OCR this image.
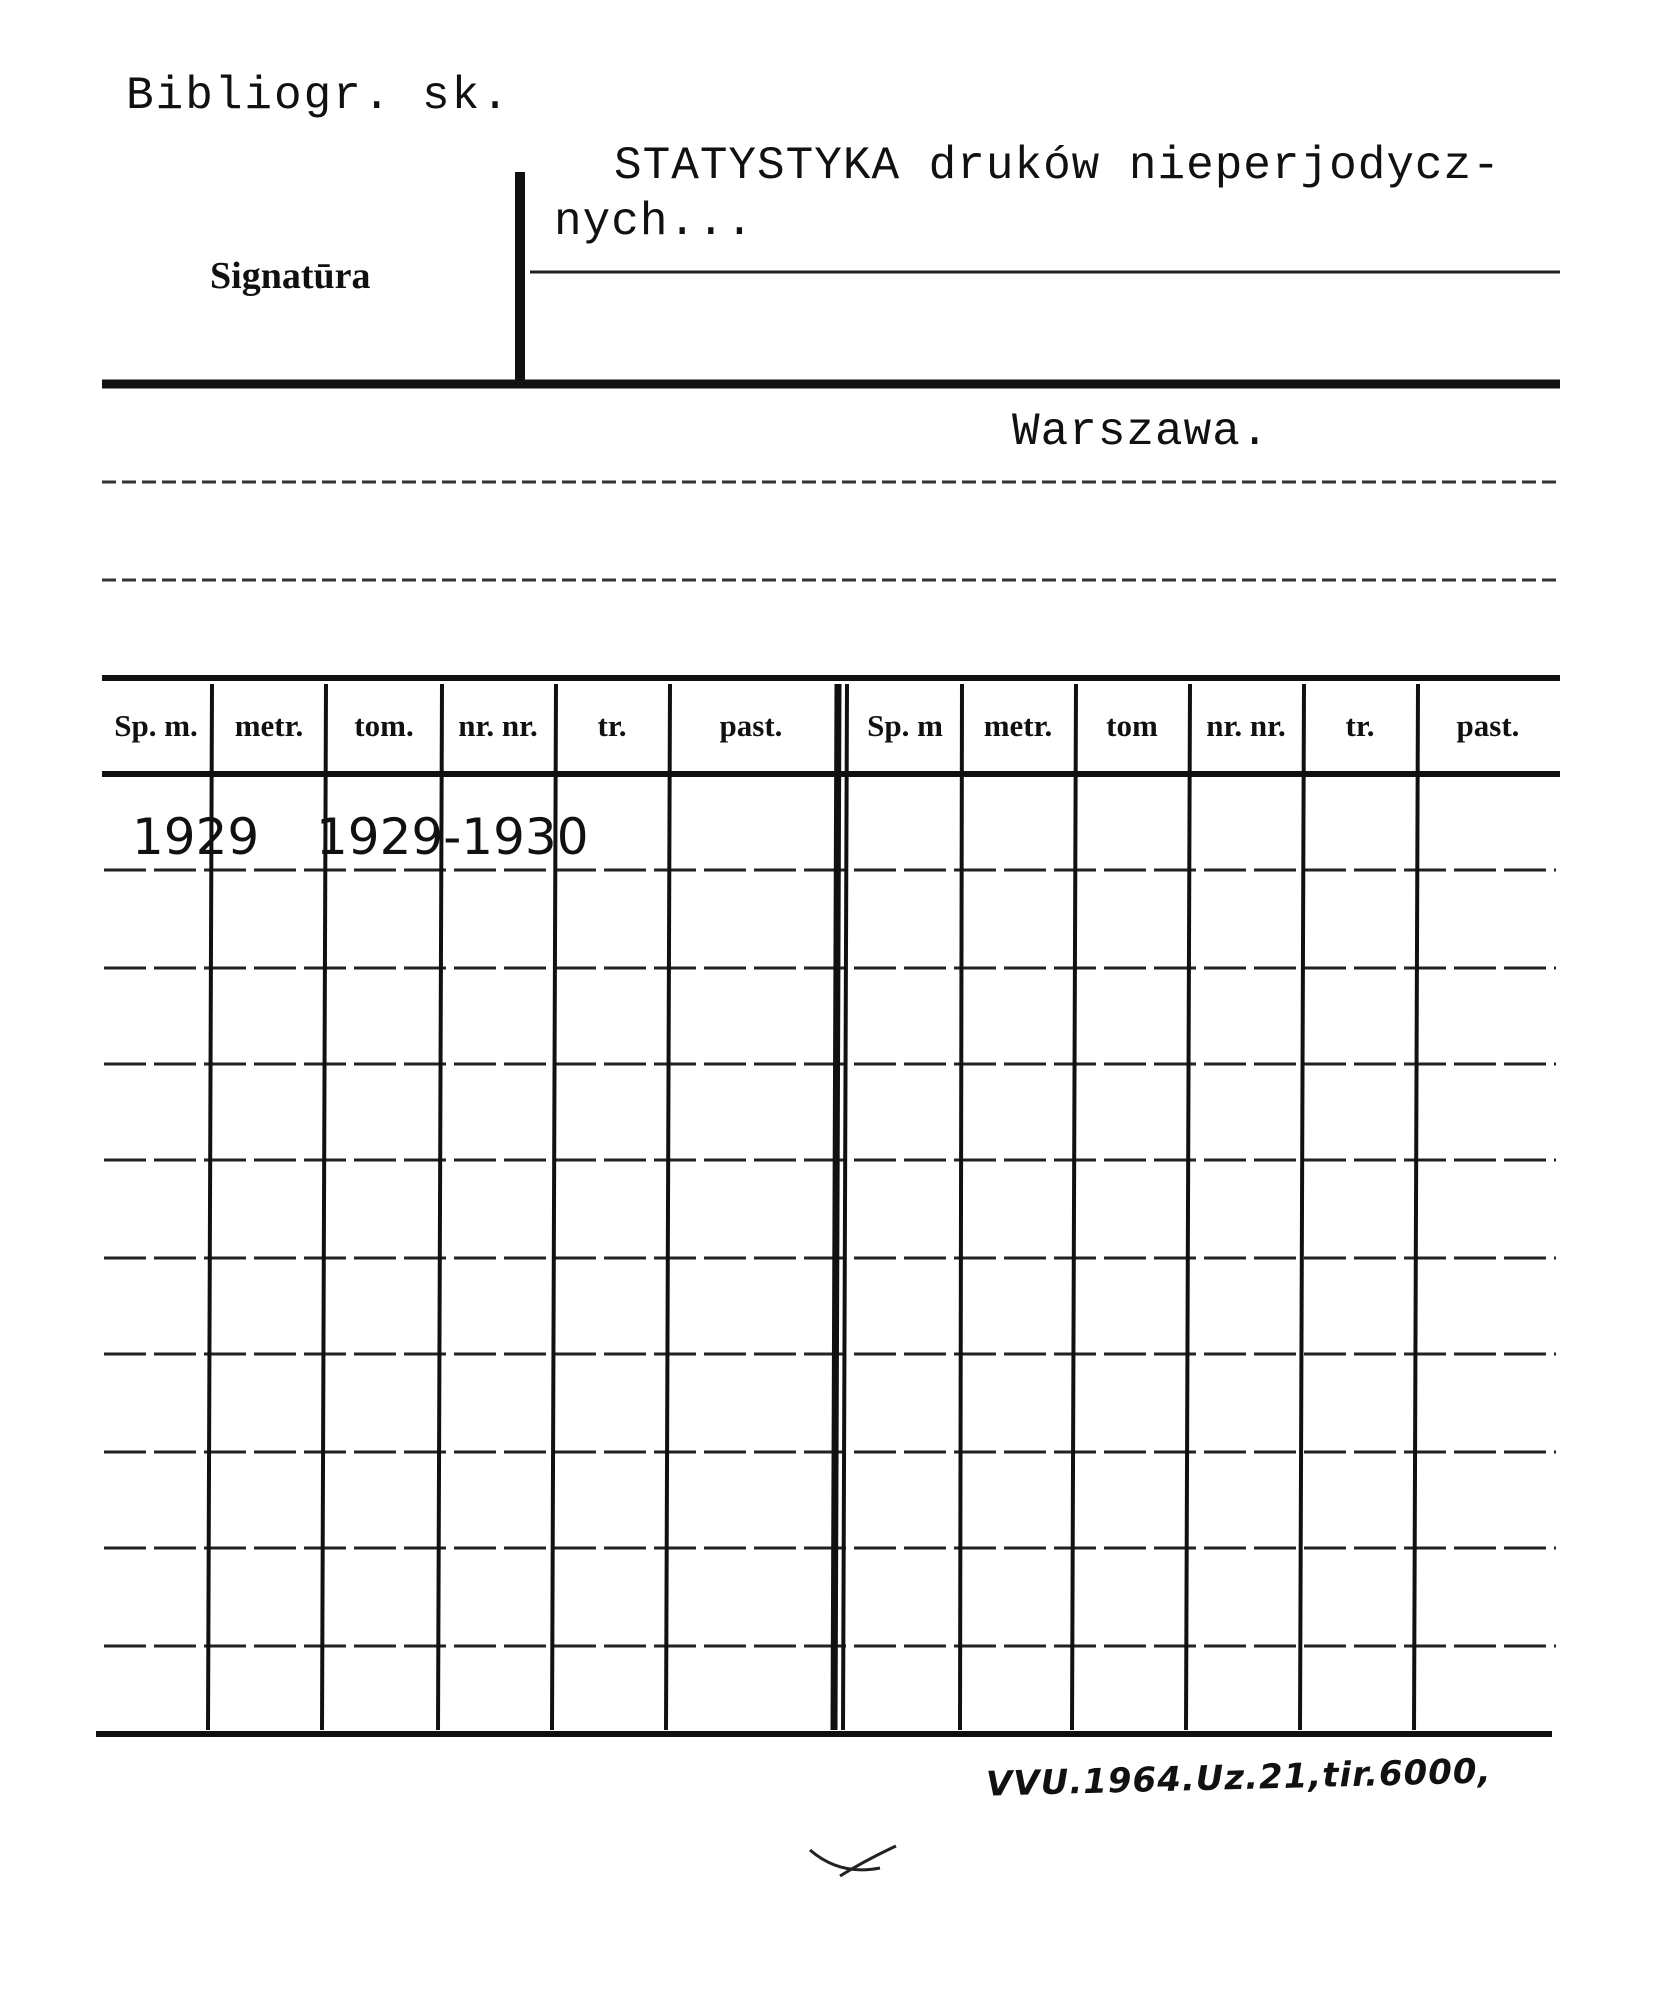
Bibliogr. sk.
Signatūra
STATYSTYKA druków nieperjodycz-
nych...
Warszawa.
Sp. m.	metr.	tom.	nr. nr.	tr.	past.	Sp. m	metr.	tom	nr. nr.	tr.	past.
1929 1929-1930
VVU.1964.Uz.21,tir.6000,
